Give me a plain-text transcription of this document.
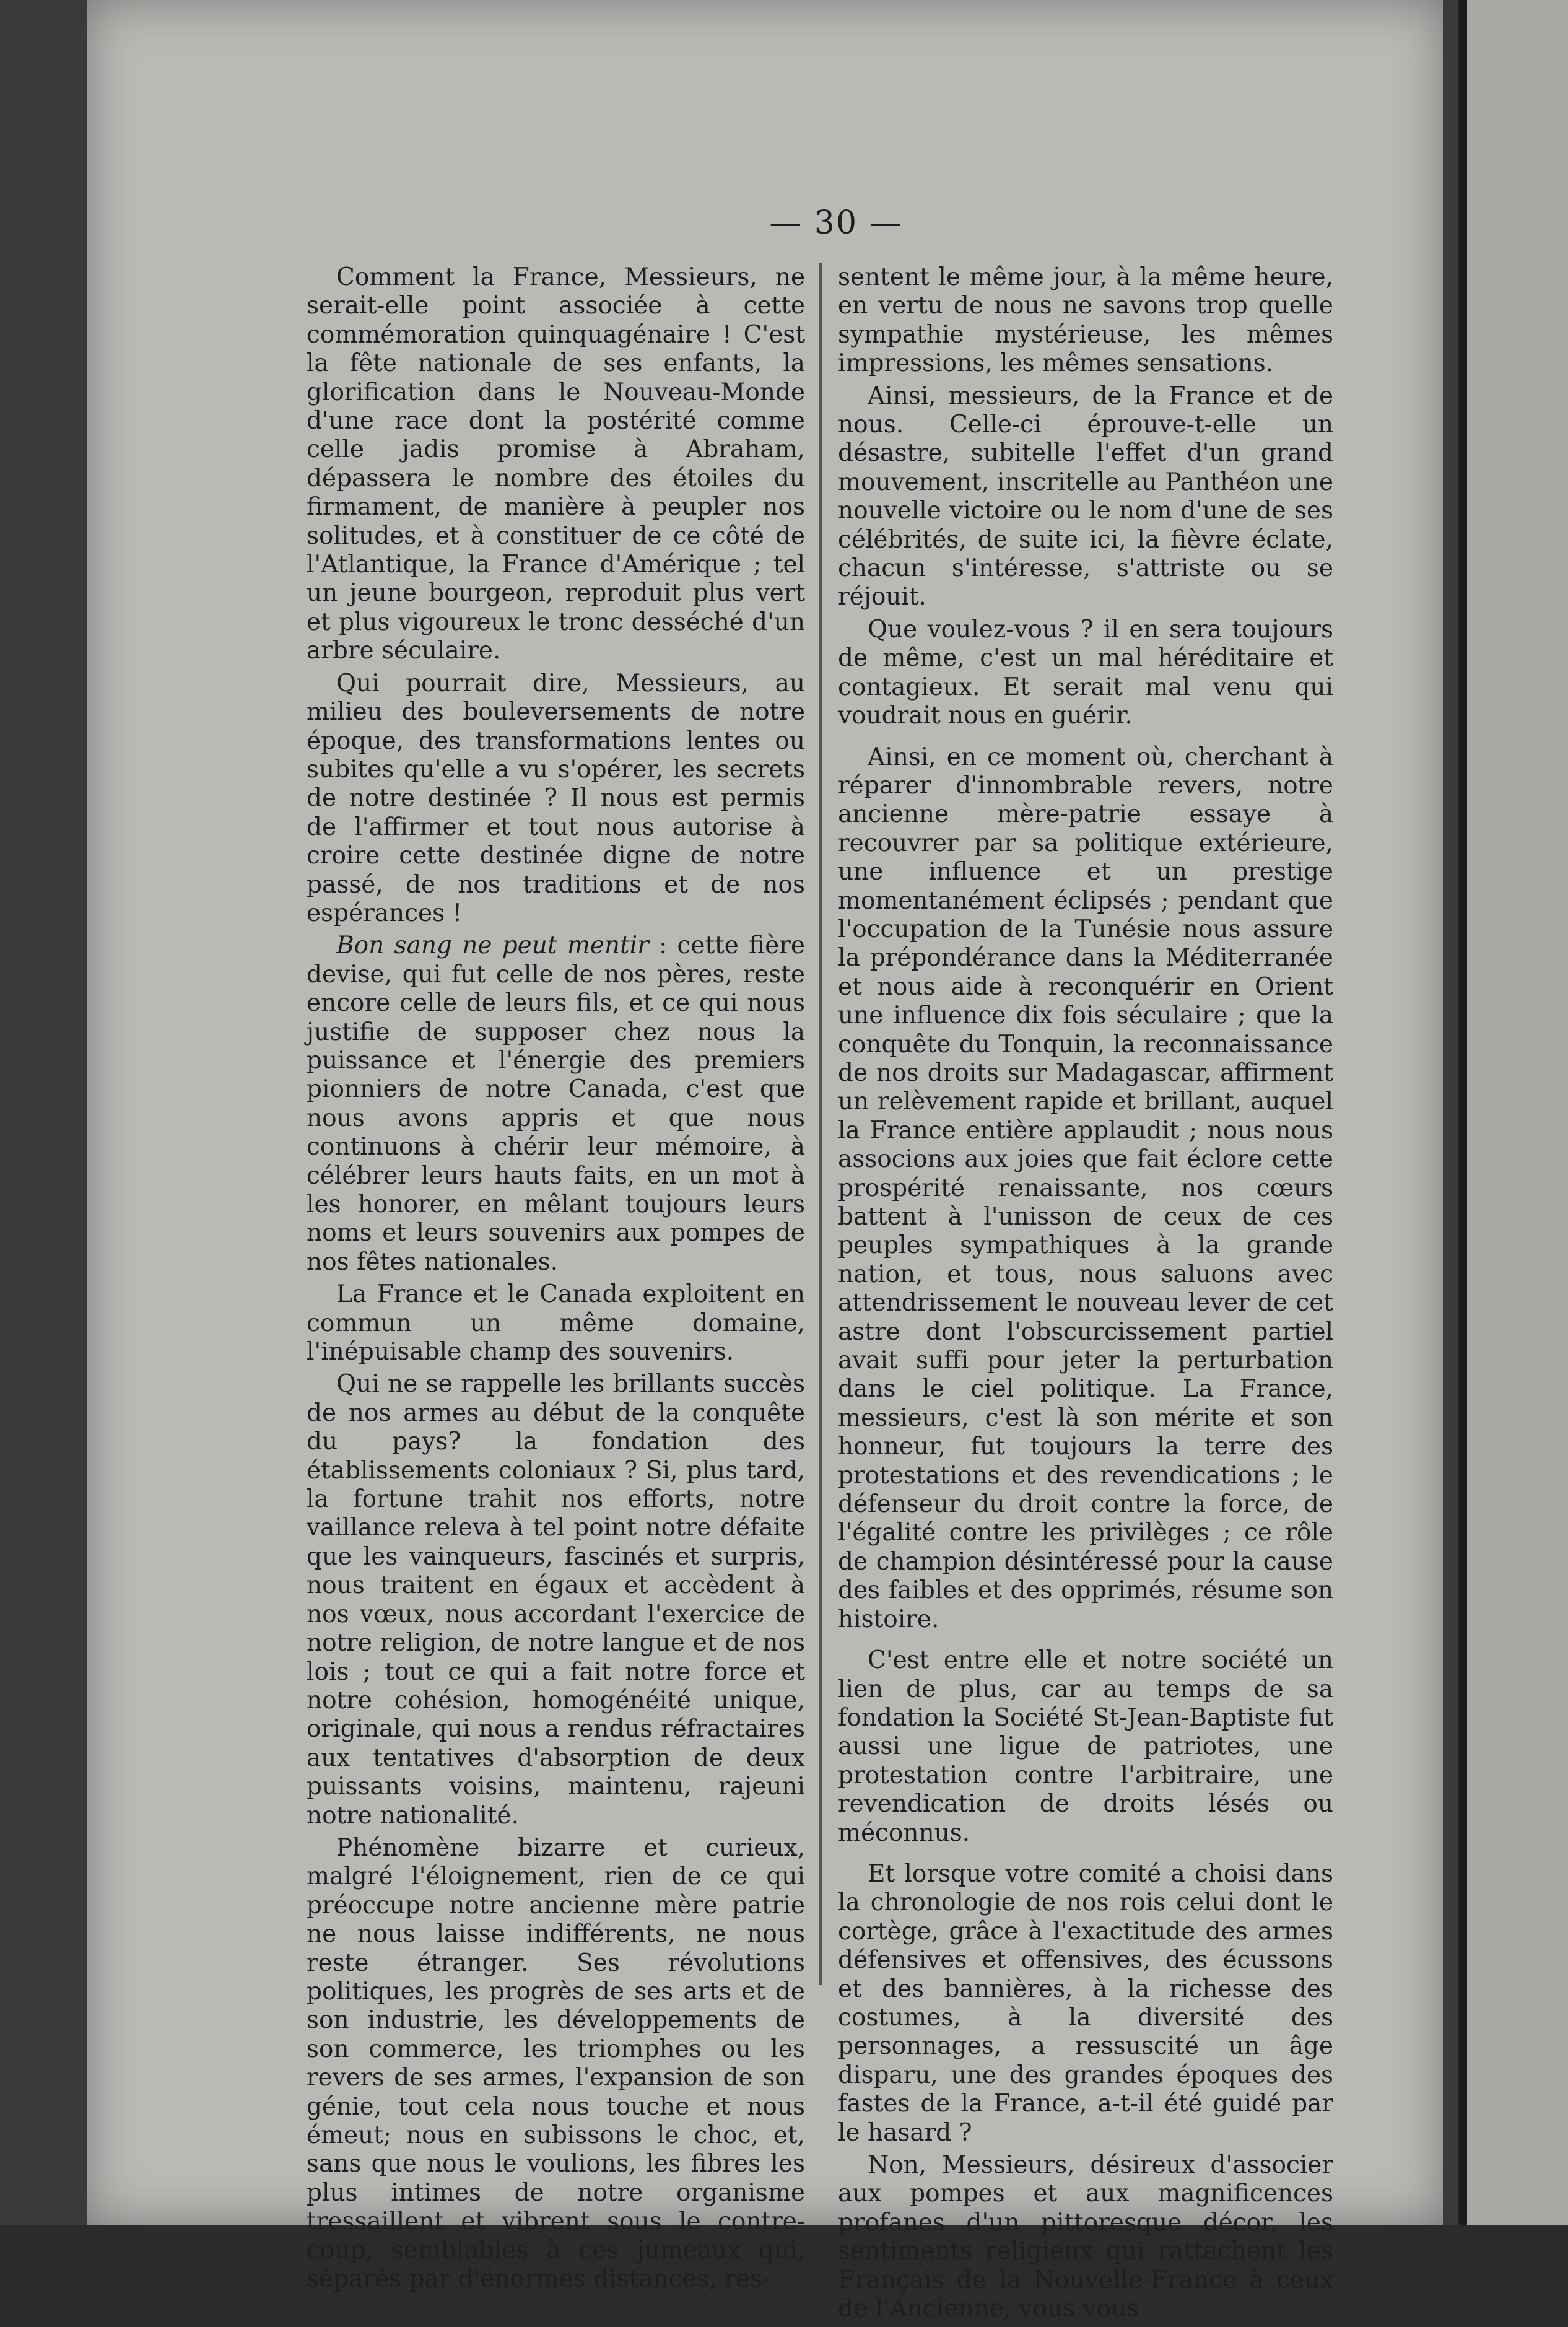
— 30 —

Comment la France, Messieurs, ne serait-elle point associée à cette commémoration quinquagénaire ! C'est la fête nationale de ses enfants, la glorification dans le Nouveau-Monde d'une race dont la postérité comme celle jadis promise à Abraham, dépassera le nombre des étoiles du firmament, de manière à peupler nos solitudes, et à constituer de ce côté de l'Atlantique, la France d'Amérique ; tel un jeune bourgeon, reproduit plus vert et plus vigoureux le tronc desséché d'un arbre séculaire.

Qui pourrait dire, Messieurs, au milieu des bouleversements de notre époque, des transformations lentes ou subites qu'elle a vu s'opérer, les secrets de notre destinée ? Il nous est permis de l'affirmer et tout nous autorise à croire cette destinée digne de notre passé, de nos traditions et de nos espérances !

Bon sang ne peut mentir : cette fière devise, qui fut celle de nos pères, reste encore celle de leurs fils, et ce qui nous justifie de supposer chez nous la puissance et l'énergie des premiers pionniers de notre Canada, c'est que nous avons appris et que nous continuons à chérir leur mémoire, à célébrer leurs hauts faits, en un mot à les honorer, en mêlant toujours leurs noms et leurs souvenirs aux pompes de nos fêtes nationales.

La France et le Canada exploitent en commun un même domaine, l'inépuisable champ des souvenirs.

Qui ne se rappelle les brillants succès de nos armes au début de la conquête du pays? la fondation des établissements coloniaux ? Si, plus tard, la fortune trahit nos efforts, notre vaillance releva à tel point notre défaite que les vainqueurs, fascinés et surpris, nous traitent en égaux et accèdent à nos vœux, nous accordant l'exercice de notre religion, de notre langue et de nos lois ; tout ce qui a fait notre force et notre cohésion, homogénéité unique, originale, qui nous a rendus réfractaires aux tentatives d'absorption de deux puissants voisins, maintenu, rajeuni notre nationalité.

Phénomène bizarre et curieux, malgré l'éloignement, rien de ce qui préoccupe notre ancienne mère patrie ne nous laisse indifférents, ne nous reste étranger. Ses révolutions politiques, les progrès de ses arts et de son industrie, les développements de son commerce, les triomphes ou les revers de ses armes, l'expansion de son génie, tout cela nous touche et nous émeut; nous en subissons le choc, et, sans que nous le voulions, les fibres les plus intimes de notre organisme tressaillent et vibrent sous le contre-coup, semblables à ces jumeaux qui, séparés par d'énormes distances, res-

sentent le même jour, à la même heure, en vertu de nous ne savons trop quelle sympathie mystérieuse, les mêmes impressions, les mêmes sensations.

Ainsi, messieurs, de la France et de nous. Celle-ci éprouve-t-elle un désastre, subitelle l'effet d'un grand mouvement, inscritelle au Panthéon une nouvelle victoire ou le nom d'une de ses célébrités, de suite ici, la fièvre éclate, chacun s'intéresse, s'attriste ou se réjouit.

Que voulez-vous ? il en sera toujours de même, c'est un mal héréditaire et contagieux. Et serait mal venu qui voudrait nous en guérir.

Ainsi, en ce moment où, cherchant à réparer d'innombrable revers, notre ancienne mère-patrie essaye à recouvrer par sa politique extérieure, une influence et un prestige momentanément éclipsés ; pendant que l'occupation de la Tunésie nous assure la prépondérance dans la Méditerranée et nous aide à reconquérir en Orient une influence dix fois séculaire ; que la conquête du Tonquin, la reconnaissance de nos droits sur Madagascar, affirment un relèvement rapide et brillant, auquel la France entière applaudit ; nous nous associons aux joies que fait éclore cette prospérité renaissante, nos cœurs battent à l'unisson de ceux de ces peuples sympathiques à la grande nation, et tous, nous saluons avec attendrissement le nouveau lever de cet astre dont l'obscurcissement partiel avait suffi pour jeter la perturbation dans le ciel politique. La France, messieurs, c'est là son mérite et son honneur, fut toujours la terre des protestations et des revendications ; le défenseur du droit contre la force, de l'égalité contre les privilèges ; ce rôle de champion désintéressé pour la cause des faibles et des opprimés, résume son histoire.

C'est entre elle et notre société un lien de plus, car au temps de sa fondation la Société St-Jean-Baptiste fut aussi une ligue de patriotes, une protestation contre l'arbitraire, une revendication de droits lésés ou méconnus.

Et lorsque votre comité a choisi dans la chronologie de nos rois celui dont le cortège, grâce à l'exactitude des armes défensives et offensives, des écussons et des bannières, à la richesse des costumes, à la diversité des personnages, a ressuscité un âge disparu, une des grandes époques des fastes de la France, a-t-il été guidé par le hasard ?

Non, Messieurs, désireux d'associer aux pompes et aux magnificences profanes d'un pittoresque décor, les sentiments religieux qui rattachent les Français de la Nouvelle-France à ceux de l'Ancienne, vous vous
